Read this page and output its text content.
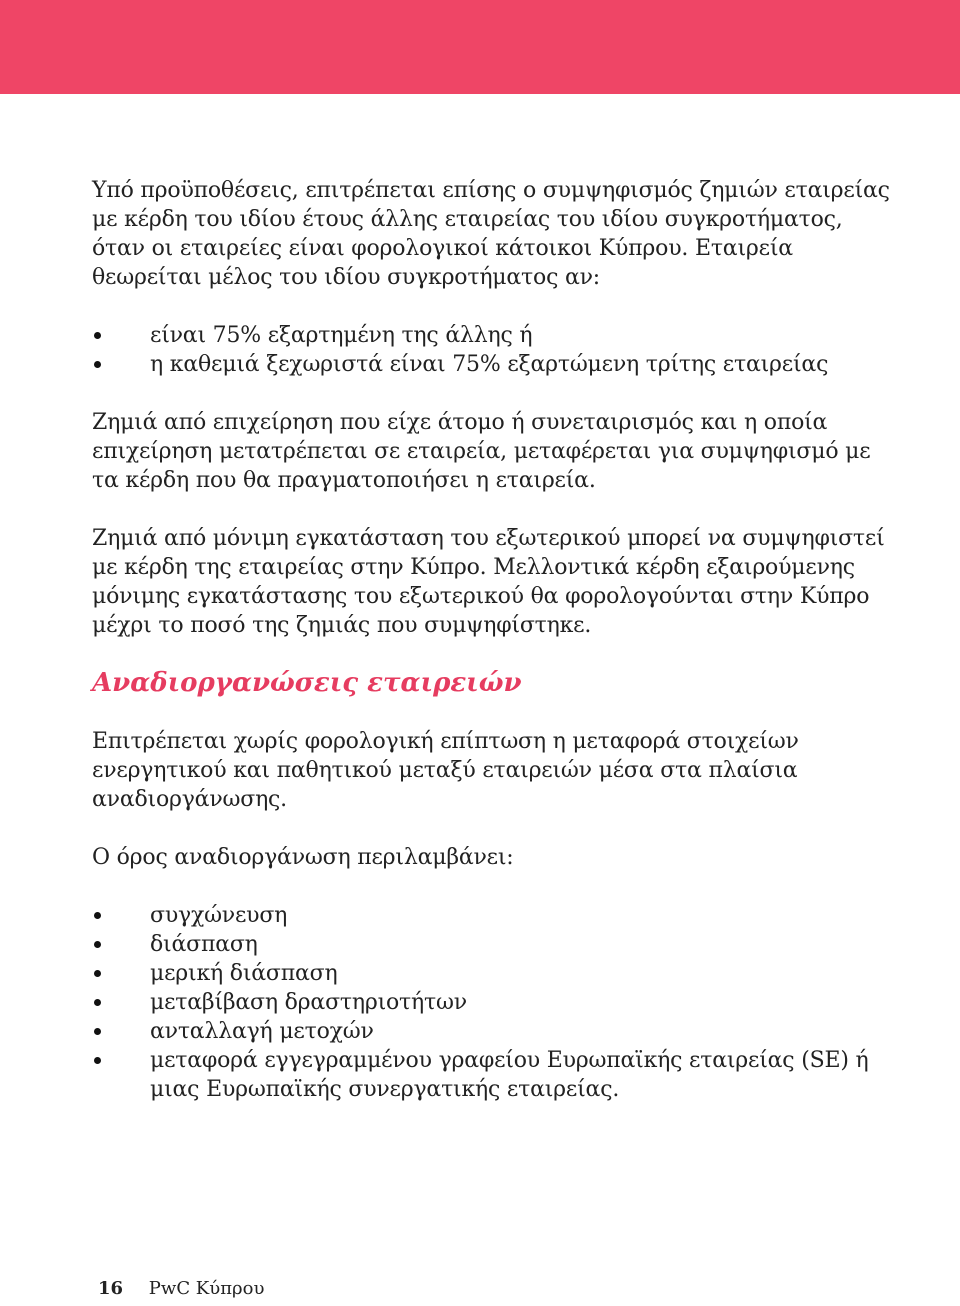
Υπό προϋποθέσεις, επιτρέπεται επίσης ο συμψηφισμός ζημιών εταιρείας με κέρδη του ιδίου έτους άλλης εταιρείας του ιδίου συγκροτήματος, όταν οι εταιρείες είναι φορολογικοί κάτοικοι Κύπρου. Εταιρεία θεωρείται μέλος του ιδίου συγκροτήματος αν:

είναι 75% εξαρτημένη της άλλης ή
η καθεμιά ξεχωριστά είναι 75% εξαρτώμενη τρίτης εταιρείας

Ζημιά από επιχείρηση που είχε άτομο ή συνεταιρισμός και η οποία επιχείρηση μετατρέπεται σε εταιρεία, μεταφέρεται για συμψηφισμό με τα κέρδη που θα πραγματοποιήσει η εταιρεία.

Ζημιά από μόνιμη εγκατάσταση του εξωτερικού μπορεί να συμψηφιστεί με κέρδη της εταιρείας στην Κύπρο. Μελλοντικά κέρδη εξαιρούμενης μόνιμης εγκατάστασης του εξωτερικού θα φορολογούνται στην Κύπρο μέχρι το ποσό της ζημιάς που συμψηφίστηκε.

Αναδιοργανώσεις εταιρειών

Επιτρέπεται χωρίς φορολογική επίπτωση η μεταφορά στοιχείων ενεργητικού και παθητικού μεταξύ εταιρειών μέσα στα πλαίσια αναδιοργάνωσης.

Ο όρος αναδιοργάνωση περιλαμβάνει:

συγχώνευση
διάσπαση
μερική διάσπαση
μεταβίβαση δραστηριοτήτων
ανταλλαγή μετοχών
μεταφορά εγγεγραμμένου γραφείου Ευρωπαϊκής εταιρείας (SE) ή μιας Ευρωπαϊκής συνεργατικής εταιρείας.
16 PwC Κύπρου
